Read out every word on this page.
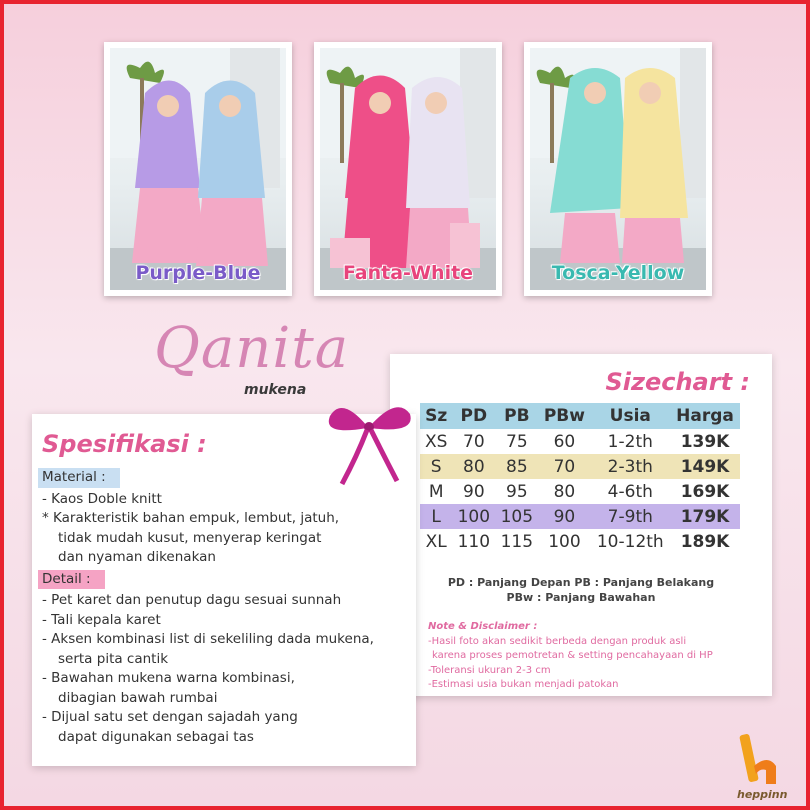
Purple-Blue	Fanta-White	Tosca-Yellow
Qanita
mukena	Sizechart :
Sz	PD	PB	PBw	Usia	Harga
XS	70	75	60	1-2th	139K
S	80	85	70	2-3th	149K
M	90	95	80	4-6th	169K
L	100	105	90	7-9th	179K
XL	110	115	100	10-12th	189K
PD : Panjang Depan PB : Panjang Belakang
PBw : Panjang Bawahan
Note & Disclaimer :
-Hasil foto akan sedikit berbeda dengan produk asli
karena proses pemotretan & setting pencahayaan di HP
-Toleransi ukuran 2-3 cm
-Estimasi usia bukan menjadi patokan
Spesifikasi :
Material :
- Kaos Doble knitt
* Karakteristik bahan empuk, lembut, jatuh,
tidak mudah kusut, menyerap keringat
dan nyaman dikenakan
Detail :
- Pet karet dan penutup dagu sesuai sunnah
- Tali kepala karet
- Aksen kombinasi list di sekeliling dada mukena,
serta pita cantik
- Bawahan mukena warna kombinasi,
dibagian bawah rumbai
- Dijual satu set dengan sajadah yang
dapat digunakan sebagai tas
heppinn
